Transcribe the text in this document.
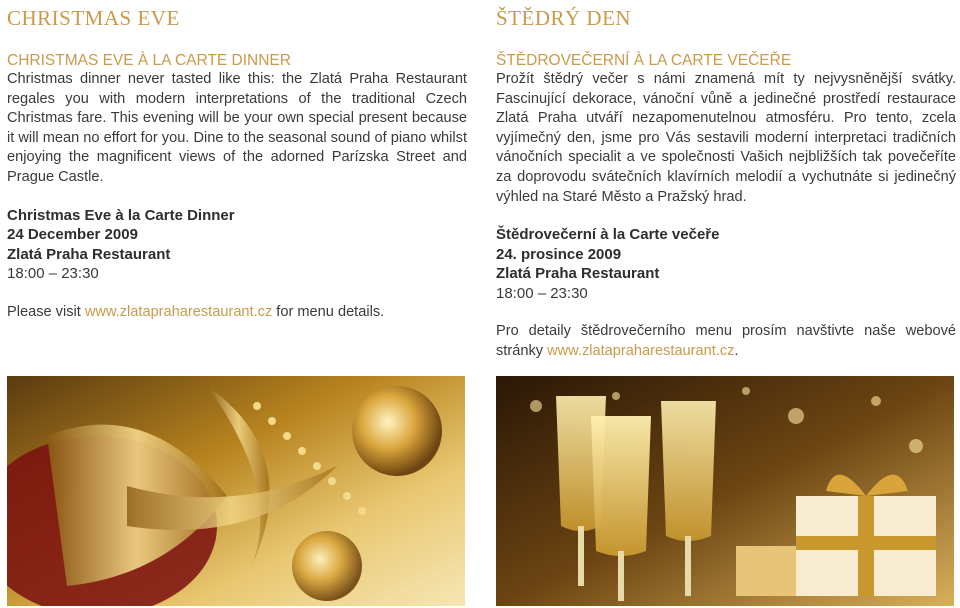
CHRISTMAS EVE
CHRISTMAS EVE À LA CARTE DINNER

Christmas dinner never tasted like this: the Zlatá Praha Restaurant regales you with modern interpretations of the traditional Czech Christmas fare. This evening will be your own special present because it will mean no effort for you. Dine to the seasonal sound of piano whilst enjoying the magnificent views of the adorned Parízska Street and Prague Castle.

Christmas Eve à la Carte Dinner
24 December 2009
Zlatá Praha Restaurant
18:00 – 23:30
Please visit www.zlatapraharestaurant.cz for menu details.
ŠTĚDRÝ DEN
ŠTĚDROVEČERNÍ À LA CARTE VEČEŘE

Prožít štědrý večer s námi znamená mít ty nejvysněnější svátky. Fascinující dekorace, vánoční vůně a jedinečné prostředí restaurace Zlatá Praha utváří nezapomenutelnou atmosféru. Pro tento, zcela vyjímečný den, jsme pro Vás sestavili moderní interpretaci tradičních vánočních specialit a ve společnosti Vašich nejbližších tak povečeříte za doprovodu svátečních klavírních melodií a vychutnáte si jedinečný výhled na Staré Město a Pražský hrad.

Štědrovečerní à la Carte večeře
24. prosince 2009
Zlatá Praha Restaurant
18:00 – 23:30
Pro detaily štědrovečerního menu prosím navštivte naše webové stránky www.zlatapraharestaurant.cz.
